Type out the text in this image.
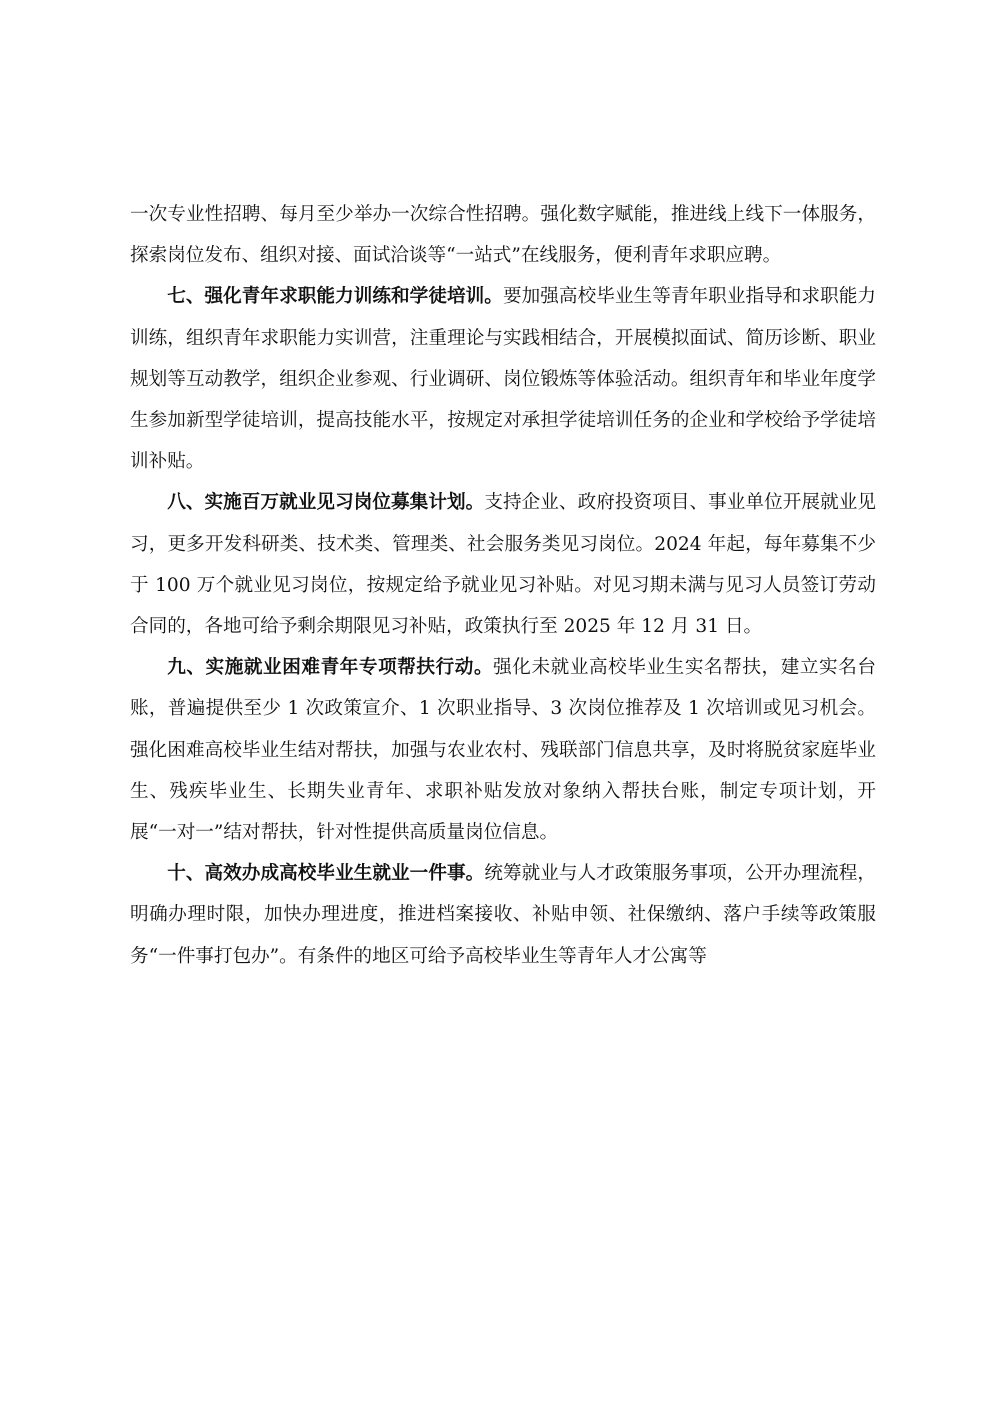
一次专业性招聘、每月至少举办一次综合性招聘。强化数字赋能，推进线上线下一体服务，探索岗位发布、组织对接、面试洽谈等“一站式”在线服务，便利青年求职应聘。

七、强化青年求职能力训练和学徒培训。要加强高校毕业生等青年职业指导和求职能力训练，组织青年求职能力实训营，注重理论与实践相结合，开展模拟面试、简历诊断、职业规划等互动教学，组织企业参观、行业调研、岗位锻炼等体验活动。组织青年和毕业年度学生参加新型学徒培训，提高技能水平，按规定对承担学徒培训任务的企业和学校给予学徒培训补贴。

八、实施百万就业见习岗位募集计划。支持企业、政府投资项目、事业单位开展就业见习，更多开发科研类、技术类、管理类、社会服务类见习岗位。2024 年起，每年募集不少于 100 万个就业见习岗位，按规定给予就业见习补贴。对见习期未满与见习人员签订劳动合同的，各地可给予剩余期限见习补贴，政策执行至 2025 年 12 月 31 日。

九、实施就业困难青年专项帮扶行动。强化未就业高校毕业生实名帮扶，建立实名台账，普遍提供至少 1 次政策宣介、1 次职业指导、3 次岗位推荐及 1 次培训或见习机会。强化困难高校毕业生结对帮扶，加强与农业农村、残联部门信息共享，及时将脱贫家庭毕业生、残疾毕业生、长期失业青年、求职补贴发放对象纳入帮扶台账，制定专项计划，开展“一对一”结对帮扶，针对性提供高质量岗位信息。

十、高效办成高校毕业生就业一件事。统筹就业与人才政策服务事项，公开办理流程，明确办理时限，加快办理进度，推进档案接收、补贴申领、社保缴纳、落户手续等政策服务“一件事打包办”。有条件的地区可给予高校毕业生等青年人才公寓等
